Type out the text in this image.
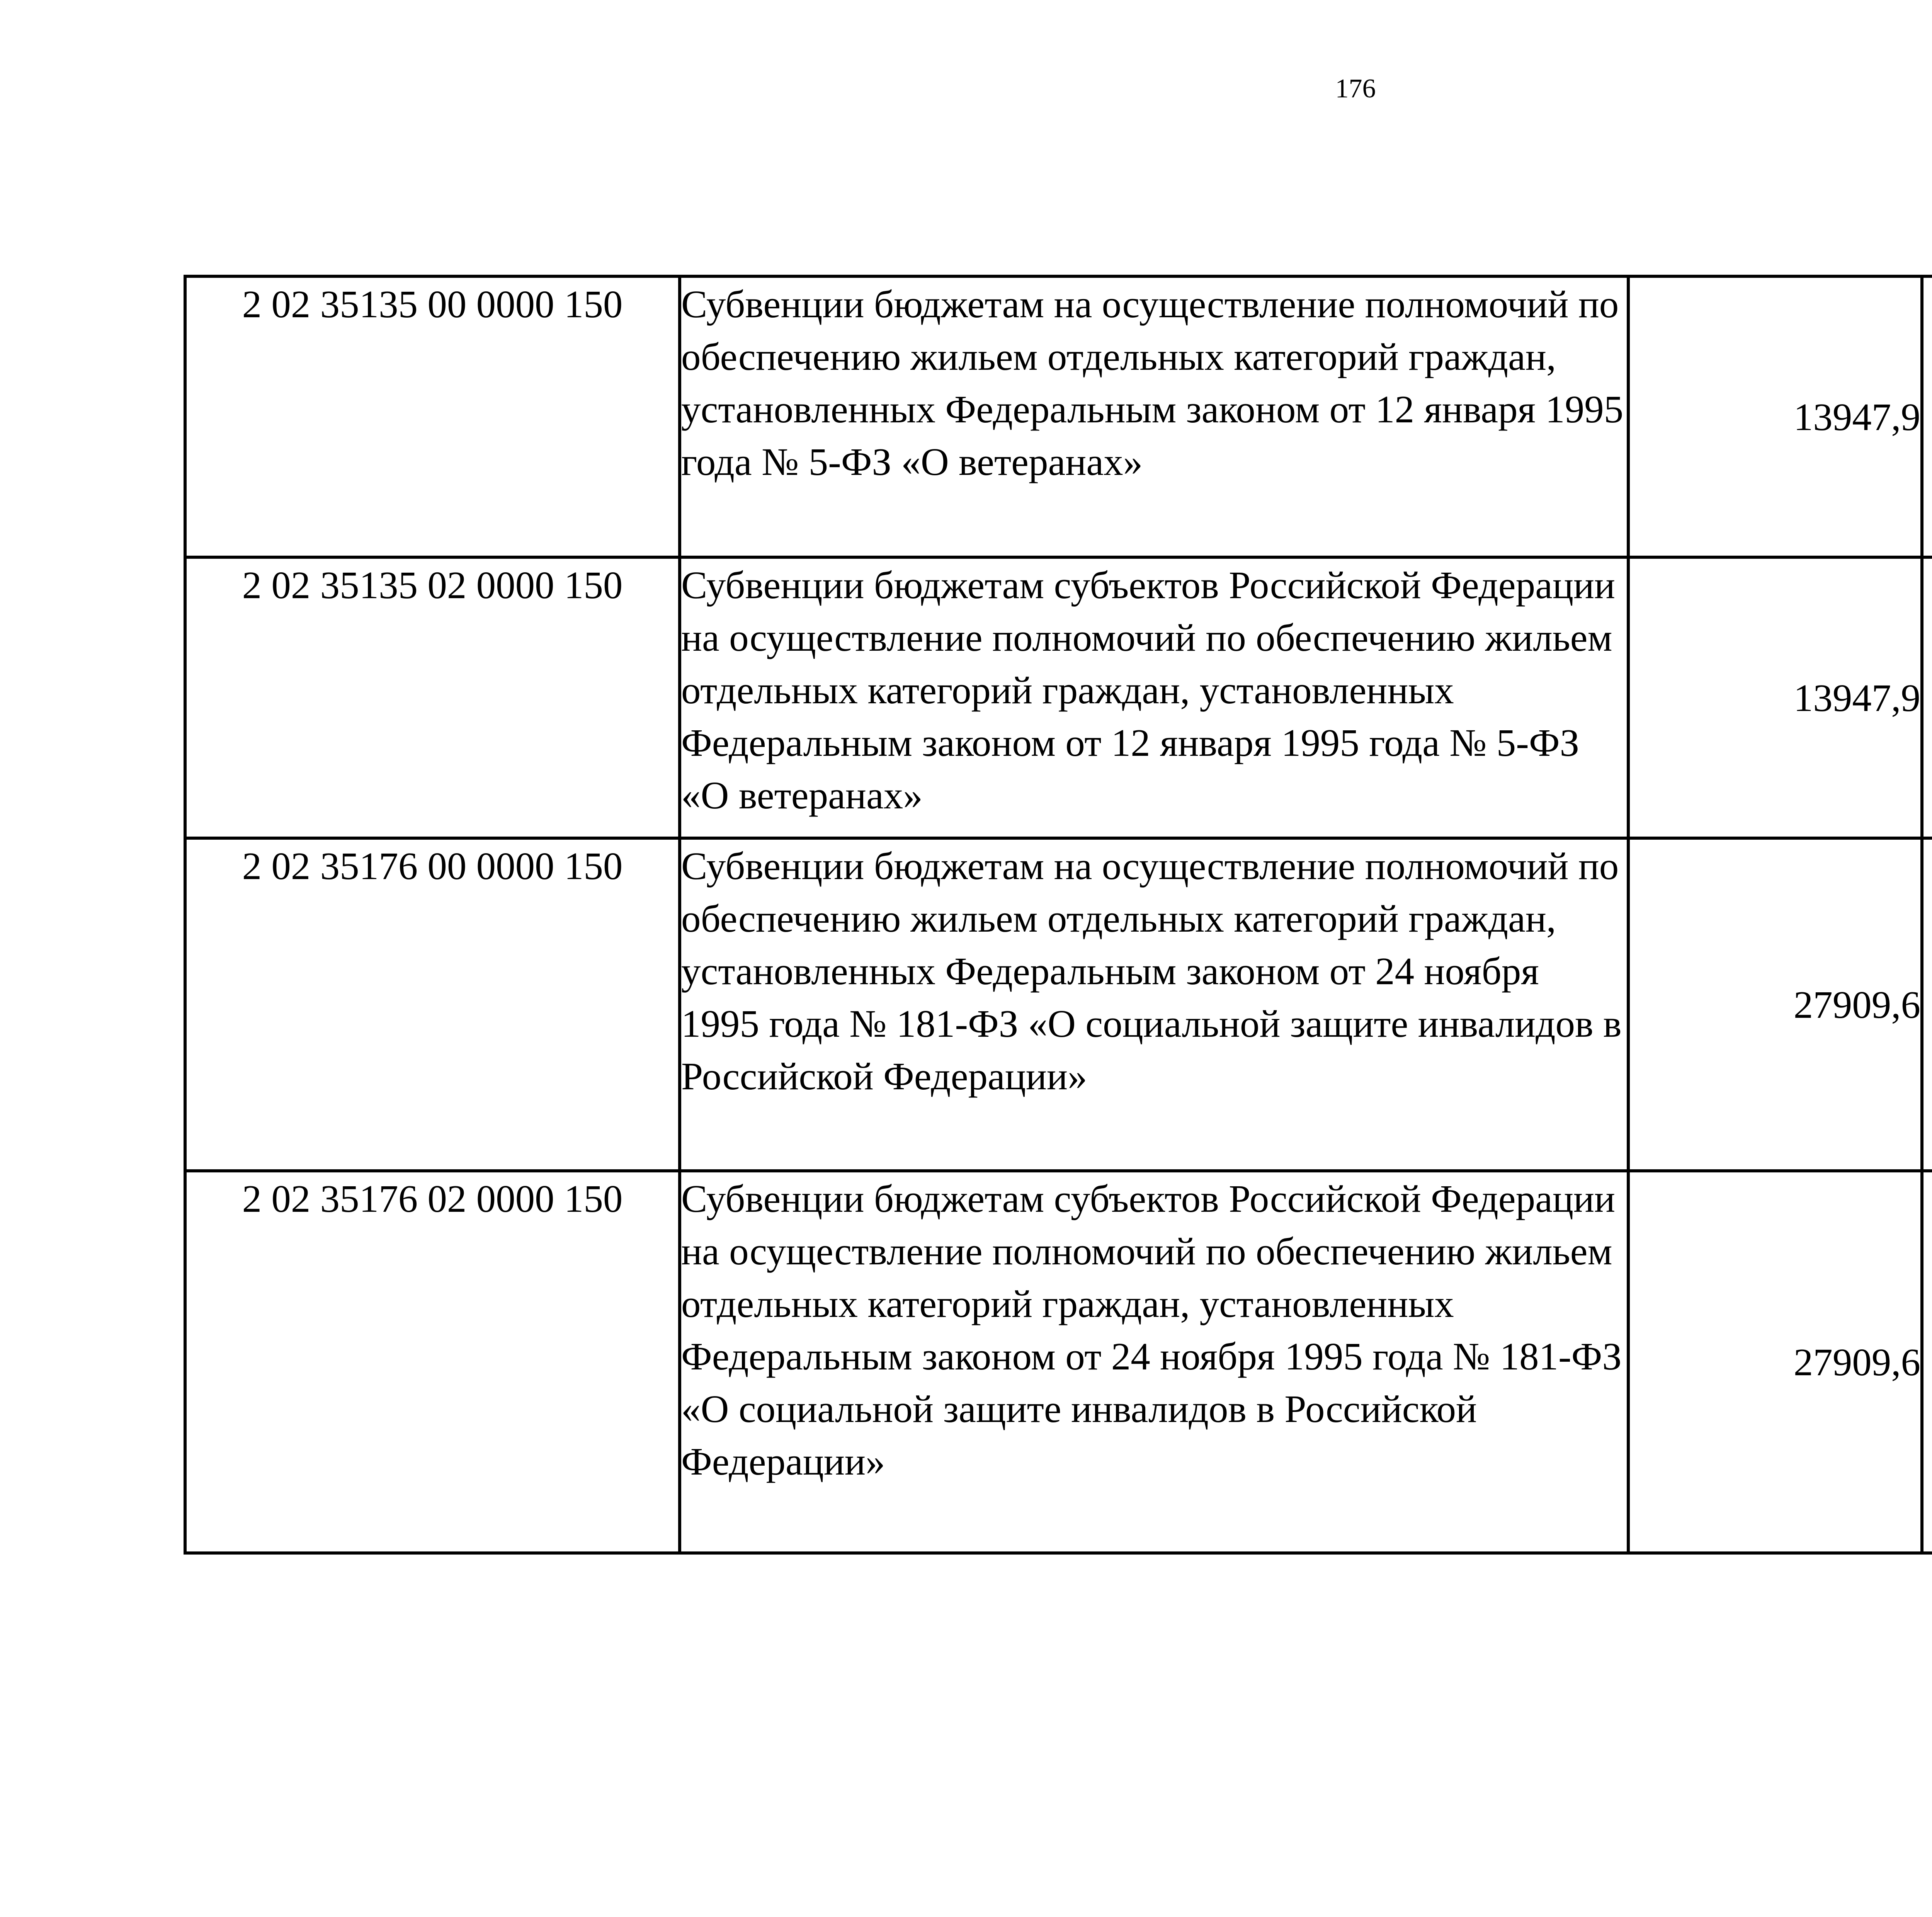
176
2 02 35135 00 0000 150	Субвенции бюджетам на осуществление полномочий по обеспечению жильем отдельных категорий граждан, установленных Федеральным законом от 12 января 1995 года № 5-ФЗ «О ветеранах»	13947,9		
2 02 35135 02 0000 150	Субвенции бюджетам субъектов Российской Федерации на осуществление полномочий по обеспечению жильем отдельных категорий граждан, установленных Федеральным законом от 12 января 1995 года № 5-ФЗ «О ветеранах»	13947,9		
2 02 35176 00 0000 150	Субвенции бюджетам на осуществление полномочий по обеспечению жильем отдельных категорий граждан, установленных Федеральным законом от 24 ноября 1995 года № 181-ФЗ «О социальной защите инвалидов в Российской Федерации»	27909,6		
2 02 35176 02 0000 150	Субвенции бюджетам субъектов Российской Федерации на осуществление полномочий по обеспечению жильем отдельных категорий граждан, установленных Федеральным законом от 24 ноября 1995 года № 181-ФЗ «О социальной защите инвалидов в Российской Федерации»	27909,6		
